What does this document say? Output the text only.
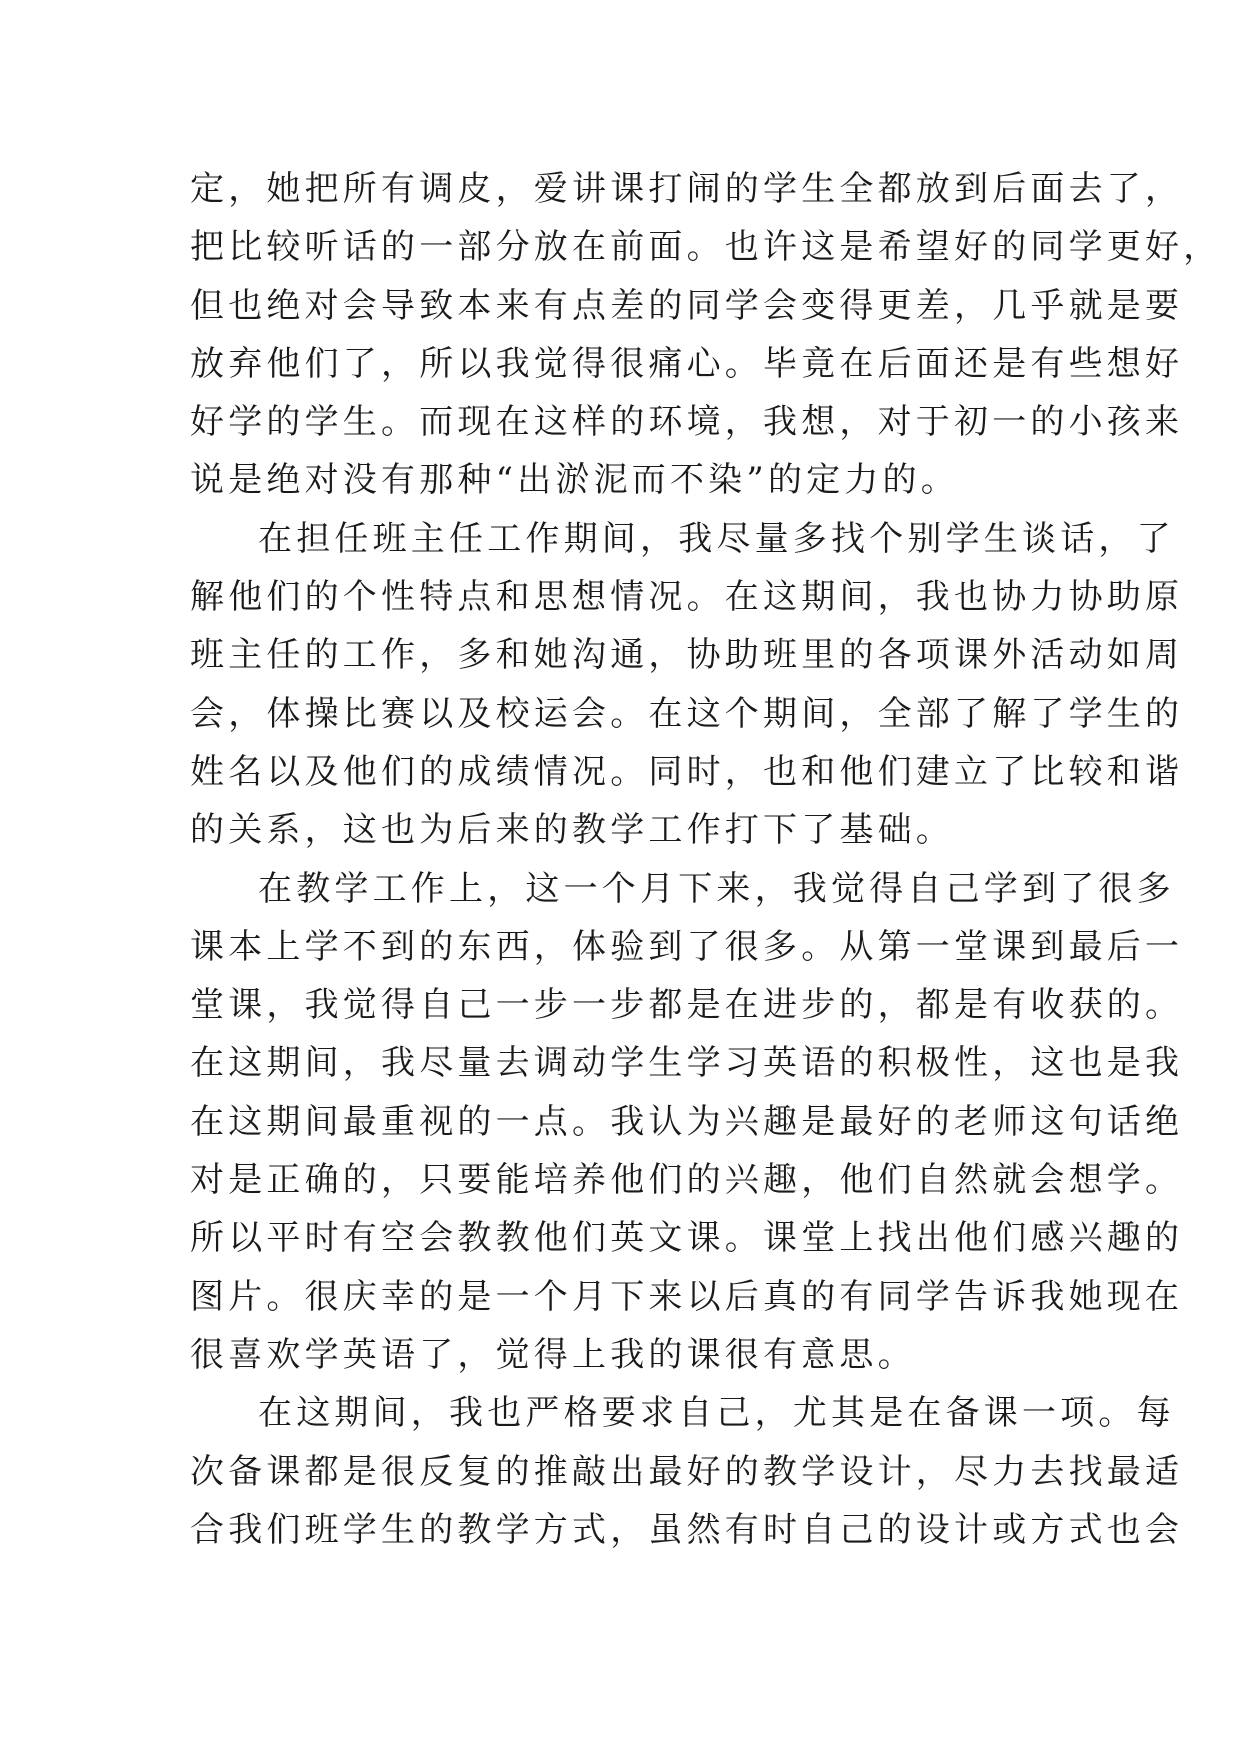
定，她把所有调皮，爱讲课打闹的学生全都放到后面去了，
把比较听话的一部分放在前面。也许这是希望好的同学更好，
但也绝对会导致本来有点差的同学会变得更差，几乎就是要
放弃他们了，所以我觉得很痛心。毕竟在后面还是有些想好
好学的学生。而现在这样的环境，我想，对于初一的小孩来
说是绝对没有那种“出淤泥而不染”的定力的。
在担任班主任工作期间，我尽量多找个别学生谈话，了
解他们的个性特点和思想情况。在这期间，我也协力协助原
班主任的工作，多和她沟通，协助班里的各项课外活动如周
会，体操比赛以及校运会。在这个期间，全部了解了学生的
姓名以及他们的成绩情况。同时，也和他们建立了比较和谐
的关系，这也为后来的教学工作打下了基础。
在教学工作上，这一个月下来，我觉得自己学到了很多
课本上学不到的东西，体验到了很多。从第一堂课到最后一
堂课，我觉得自己一步一步都是在进步的，都是有收获的。
在这期间，我尽量去调动学生学习英语的积极性，这也是我
在这期间最重视的一点。我认为兴趣是最好的老师这句话绝
对是正确的，只要能培养他们的兴趣，他们自然就会想学。
所以平时有空会教教他们英文课。课堂上找出他们感兴趣的
图片。很庆幸的是一个月下来以后真的有同学告诉我她现在
很喜欢学英语了，觉得上我的课很有意思。
在这期间，我也严格要求自己，尤其是在备课一项。每
次备课都是很反复的推敲出最好的教学设计，尽力去找最适
合我们班学生的教学方式，虽然有时自己的设计或方式也会
